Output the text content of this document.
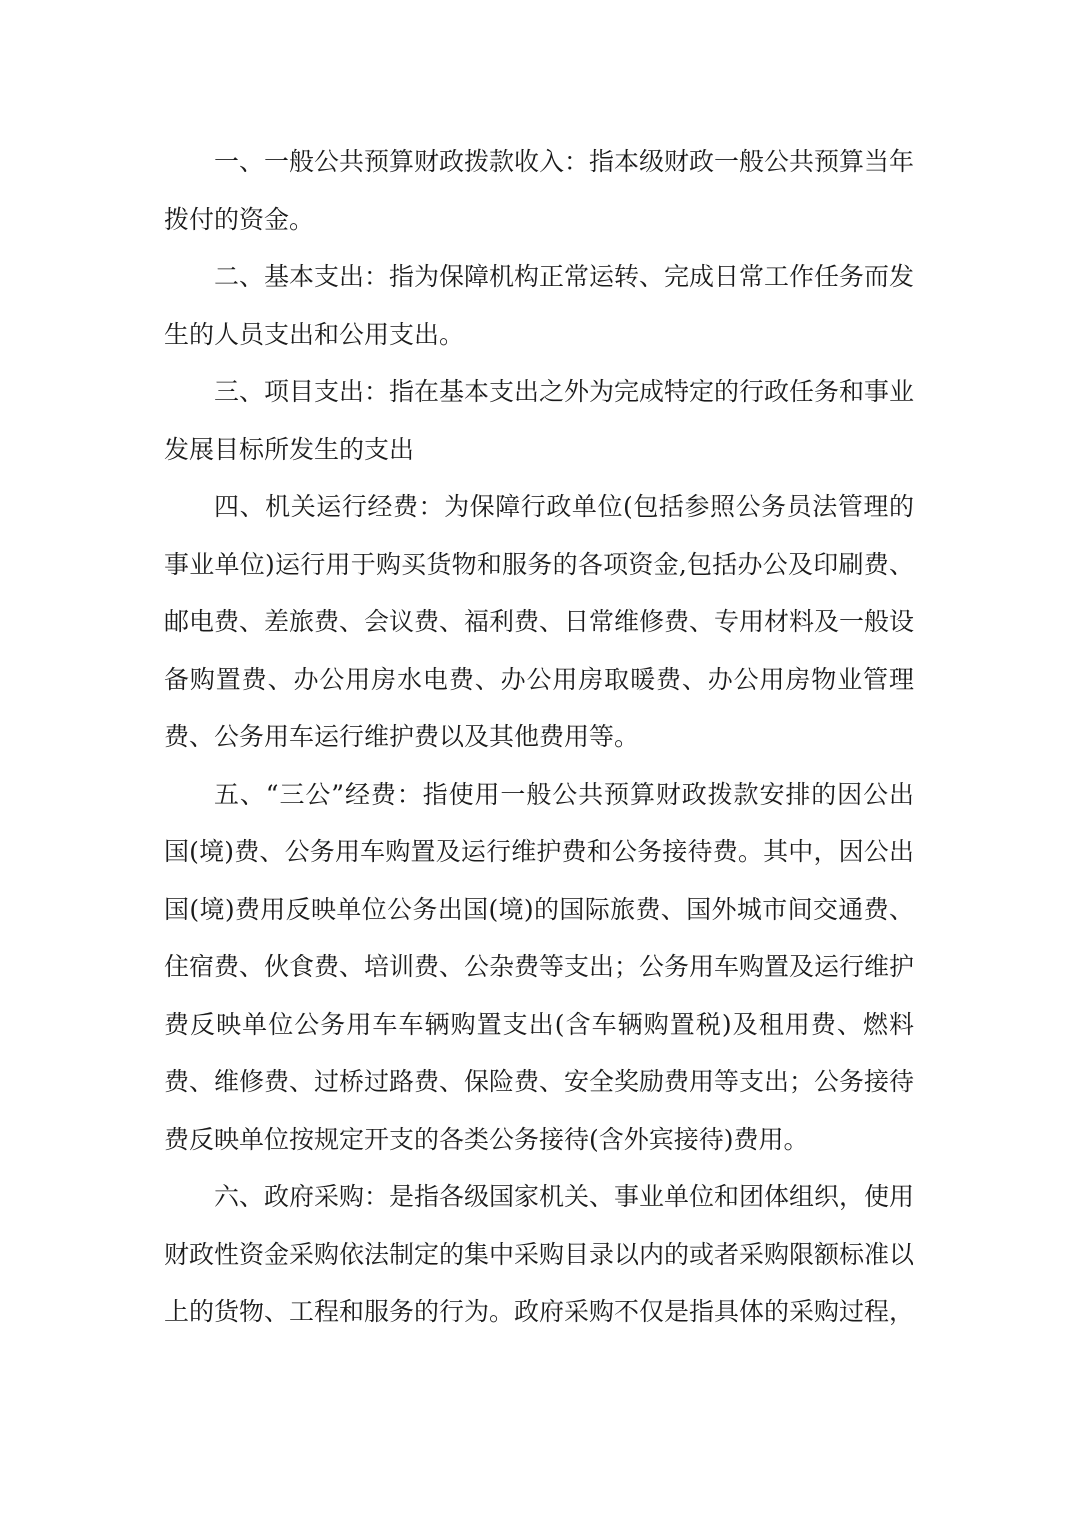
一、一般公共预算财政拨款收入：指本级财政一般公共预算当年拨付的资金。

二、基本支出：指为保障机构正常运转、完成日常工作任务而发生的人员支出和公用支出。

三、项目支出：指在基本支出之外为完成特定的行政任务和事业发展目标所发生的支出

四、机关运行经费：为保障行政单位(包括参照公务员法管理的事业单位)运行用于购买货物和服务的各项资金,包括办公及印刷费、邮电费、差旅费、会议费、福利费、日常维修费、专用材料及一般设备购置费、办公用房水电费、办公用房取暖费、办公用房物业管理费、公务用车运行维护费以及其他费用等。

五、“三公”经费：指使用一般公共预算财政拨款安排的因公出国(境)费、公务用车购置及运行维护费和公务接待费。其中，因公出国(境)费用反映单位公务出国(境)的国际旅费、国外城市间交通费、住宿费、伙食费、培训费、公杂费等支出；公务用车购置及运行维护费反映单位公务用车车辆购置支出(含车辆购置税)及租用费、燃料费、维修费、过桥过路费、保险费、安全奖励费用等支出；公务接待费反映单位按规定开支的各类公务接待(含外宾接待)费用。

六、政府采购：是指各级国家机关、事业单位和团体组织，使用财政性资金采购依法制定的集中采购目录以内的或者采购限额标准以上的货物、工程和服务的行为。政府采购不仅是指具体的采购过程，
